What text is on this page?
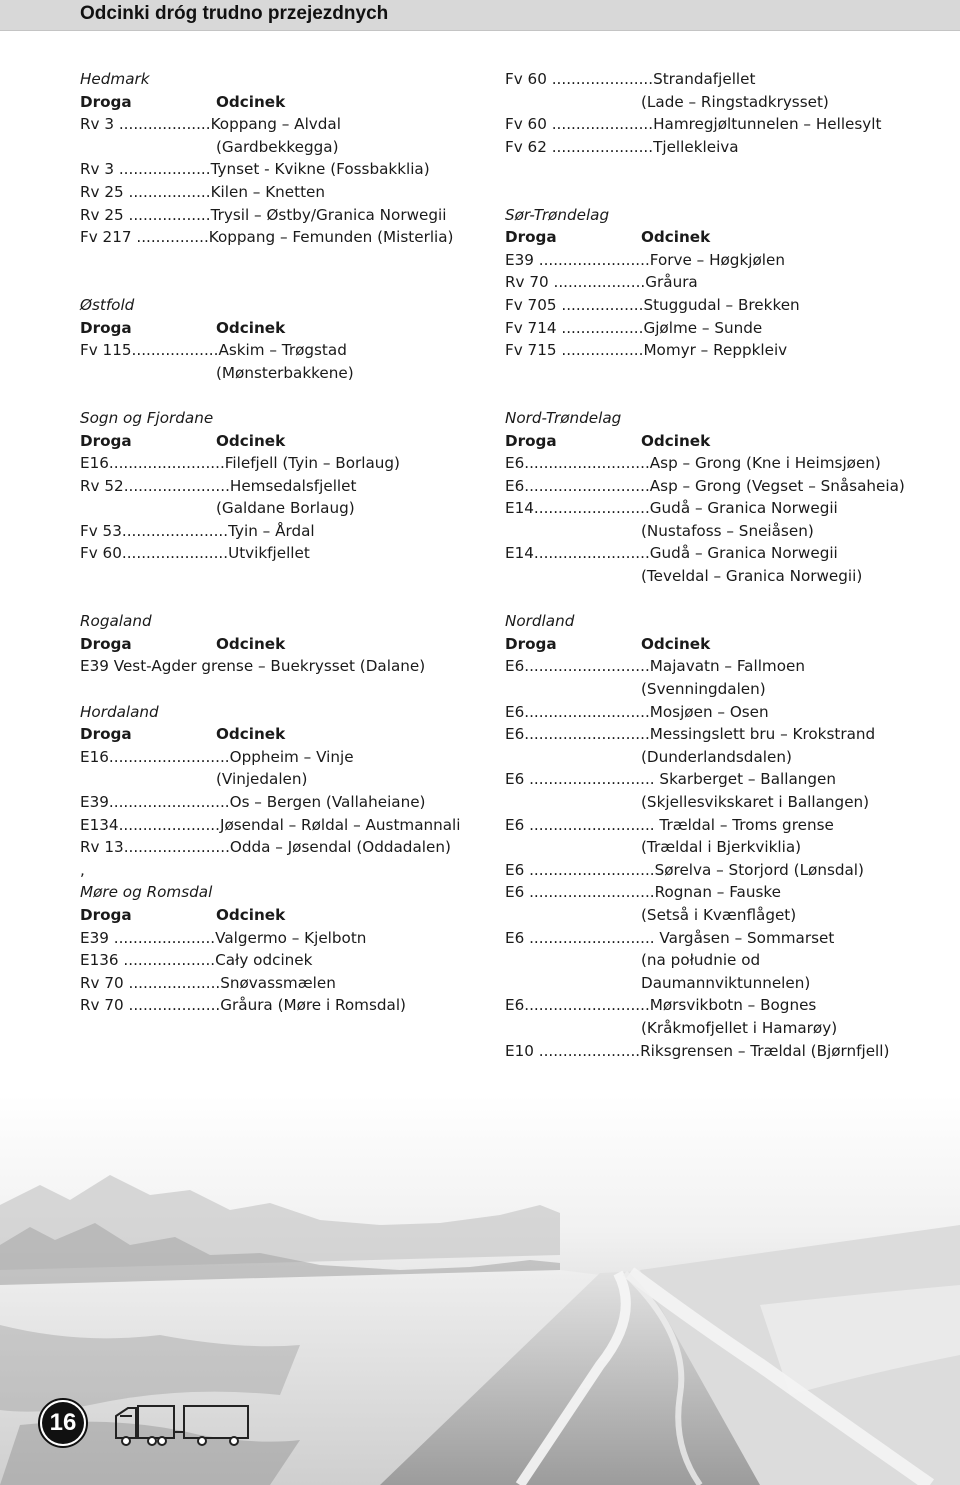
Odcinki dróg trudno przejezdnych
Hedmark
Droga	Odcinek
Rv 3 ...................Koppang – Alvdal
(Gardbekkegga)
Rv 3 ...................Tynset - Kvikne (Fossbakklia)
Rv 25 .................Kilen – Knetten
Rv 25 .................Trysil – Østby/Granica Norwegii
Fv 217 ...............Koppang – Femunden (Misterlia)
Østfold
Droga	Odcinek
Fv 115..................Askim – Trøgstad
(Mønsterbakkene)
Sogn og Fjordane
Droga	Odcinek
E16........................Filefjell (Tyin – Borlaug)
Rv 52......................Hemsedalsfjellet
(Galdane Borlaug)
Fv 53......................Tyin – Årdal
Fv 60......................Utvikfjellet
Rogaland
Droga	Odcinek
E39 Vest-Agder grense – Buekrysset (Dalane)
Hordaland
Droga	Odcinek
E16.........................Oppheim – Vinje
(Vinjedalen)
E39.........................Os – Bergen (Vallaheiane)
E134.....................Jøsendal – Røldal – Austmannali
Rv 13......................Odda – Jøsendal (Oddadalen)
,
Møre og Romsdal
Droga	Odcinek
E39 .....................Valgermo – Kjelbotn
E136 ...................Cały odcinek
Rv 70 ...................Snøvassmælen
Rv 70 ...................Gråura (Møre i Romsdal)
Fv 60 .....................Strandafjellet
(Lade – Ringstadkrysset)
Fv 60 .....................Hamregjøltunnelen – Hellesylt
Fv 62 .....................Tjellekleiva
Sør-Trøndelag
Droga	Odcinek
E39 .......................Forve – Høgkjølen
Rv 70 ...................Gråura
Fv 705 .................Stuggudal – Brekken
Fv 714 .................Gjølme – Sunde
Fv 715 .................Momyr – Reppkleiv
Nord-Trøndelag
Droga	Odcinek
E6..........................Asp – Grong (Kne i Heimsjøen)
E6..........................Asp – Grong (Vegset – Snåsaheia)
E14........................Gudå – Granica Norwegii
(Nustafoss – Sneiåsen)
E14........................Gudå – Granica Norwegii
(Teveldal – Granica Norwegii)
Nordland
Droga	Odcinek
E6..........................Majavatn – Fallmoen
(Svenningdalen)
E6..........................Mosjøen – Osen
E6..........................Messingslett bru – Krokstrand
(Dunderlandsdalen)
E6 .......................... Skarberget – Ballangen
(Skjellesvikskaret i Ballangen)
E6 .......................... Trældal – Troms grense
(Trældal i Bjerkviklia)
E6 ..........................Sørelva – Storjord (Lønsdal)
E6 ..........................Rognan – Fauske
(Setså i Kvænflåget)
E6 .......................... Vargåsen – Sommarset
(na południe od
Daumannviktunnelen)
E6..........................Mørsvikbotn – Bognes
(Kråkmofjellet i Hamarøy)
E10 .....................Riksgrensen – Trældal (Bjørnfjell)
16
